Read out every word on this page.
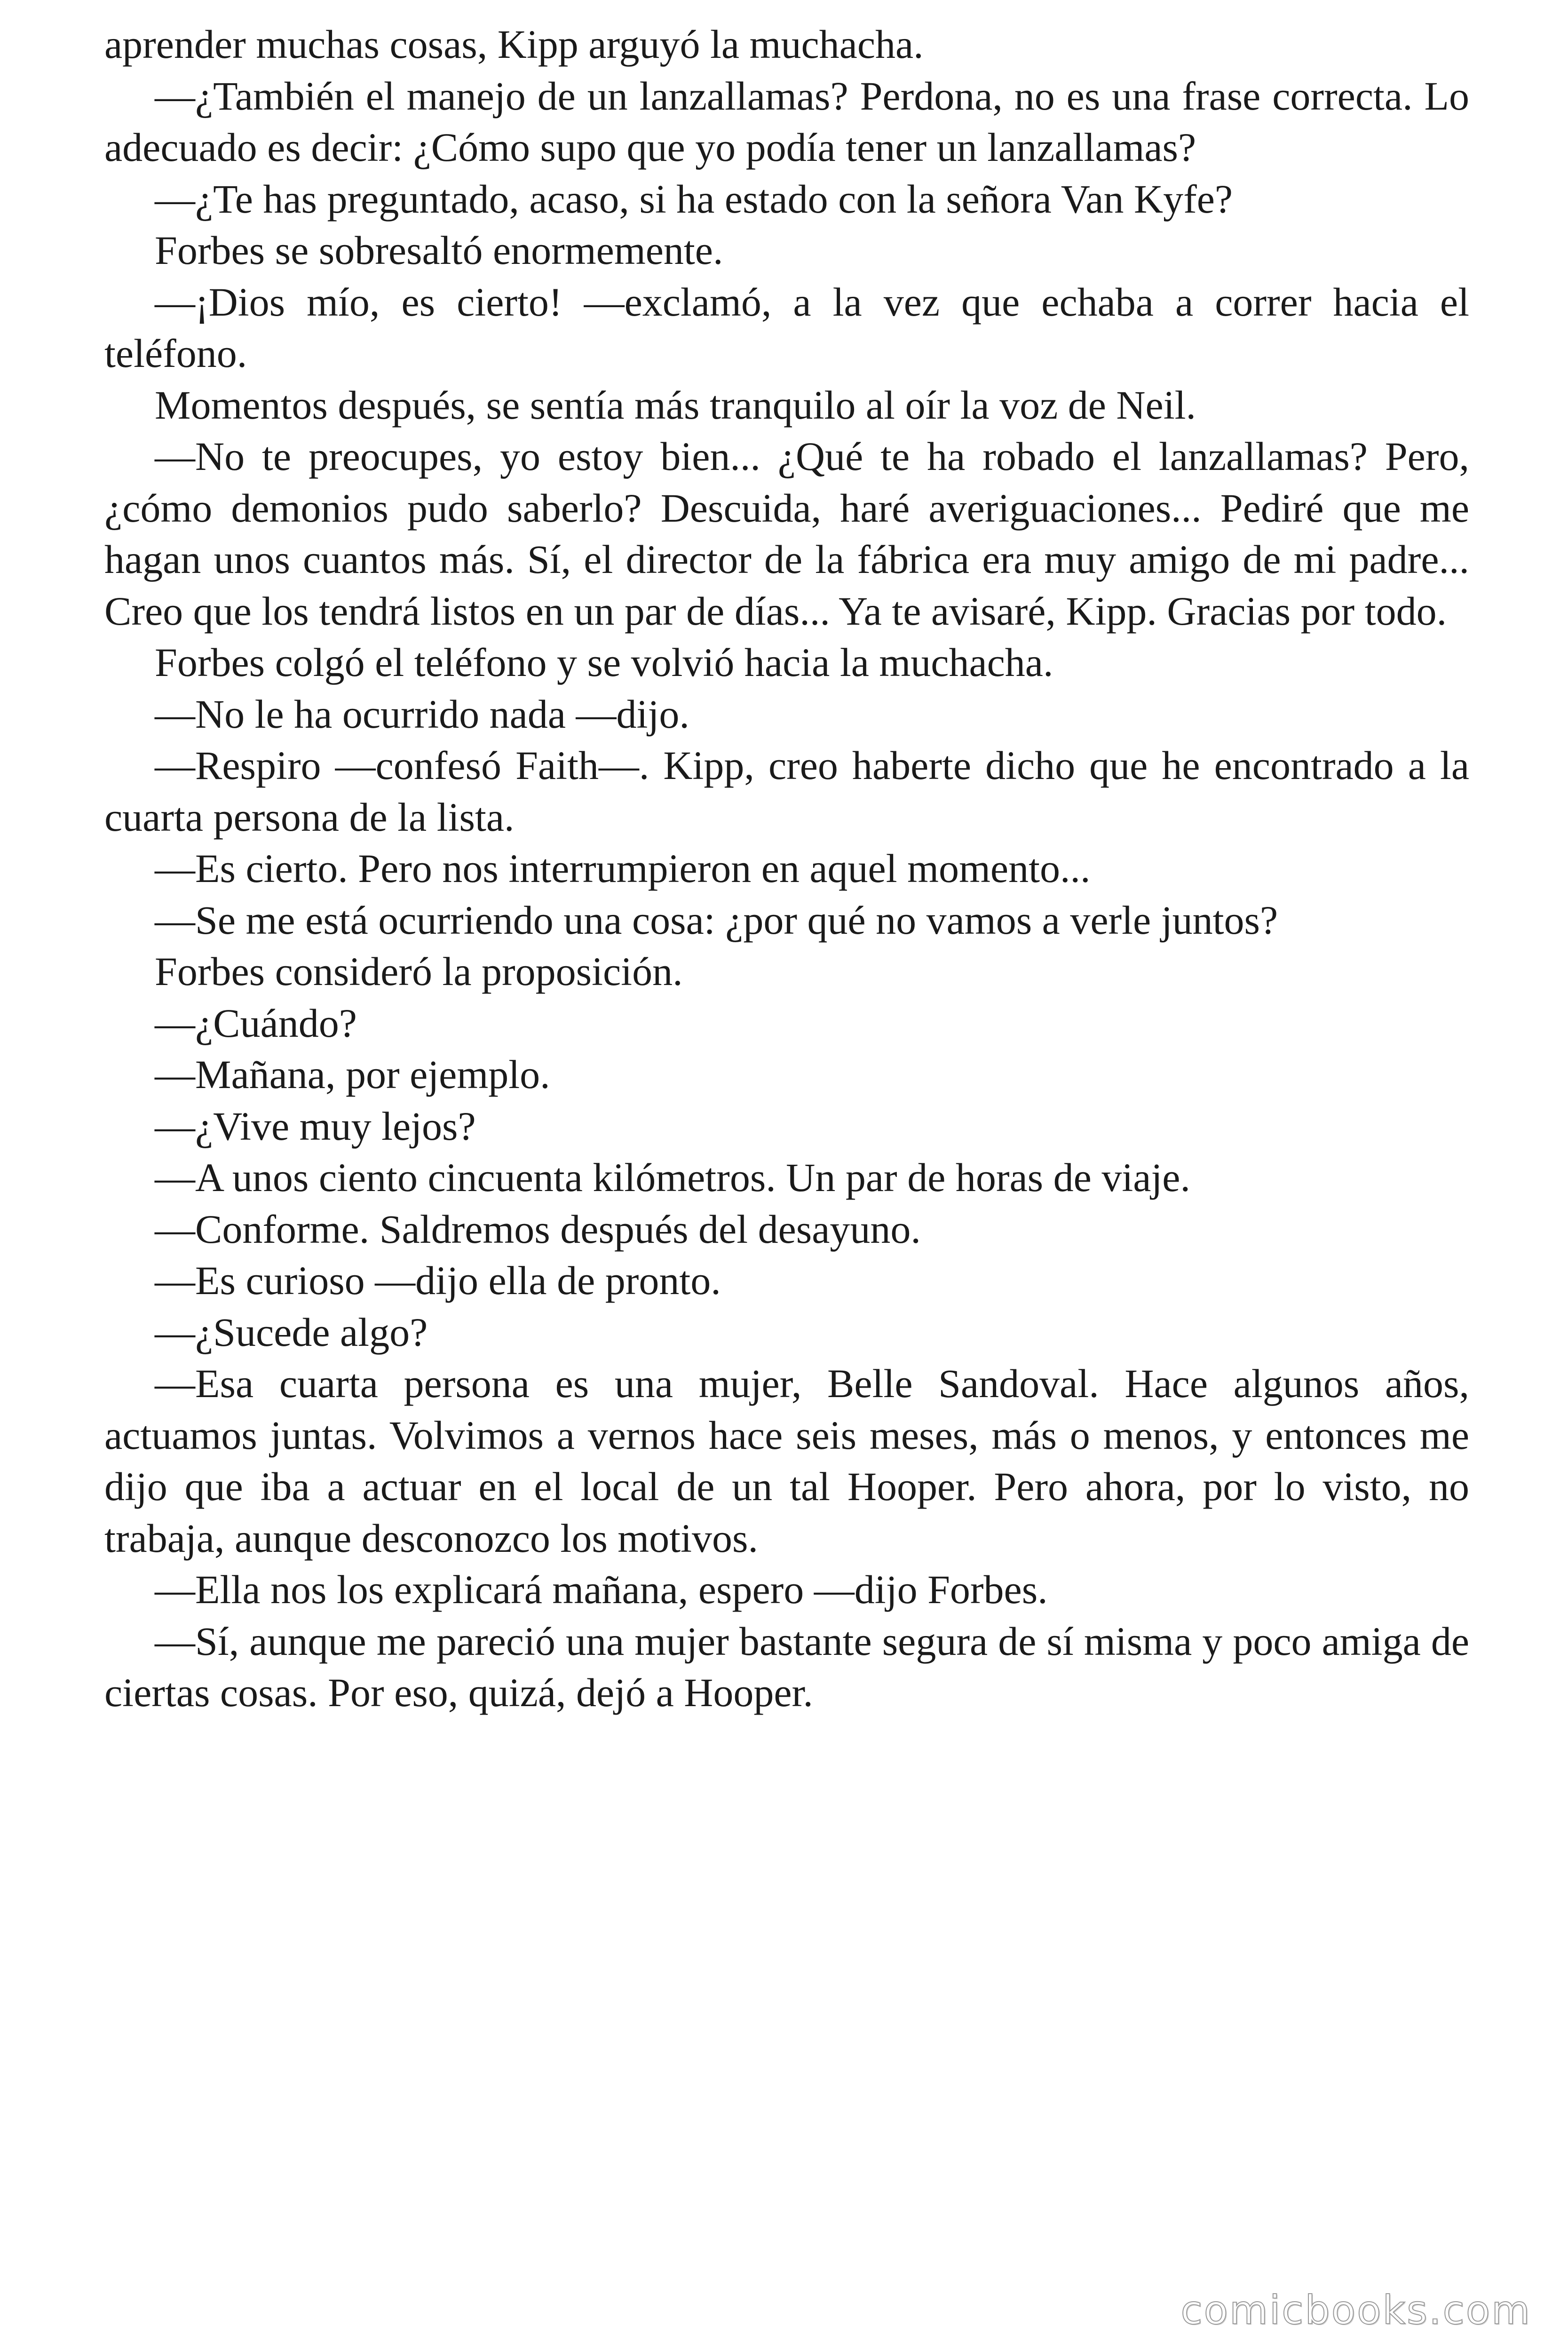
aprender muchas cosas, Kipp arguyó la muchacha.

—¿También el manejo de un lanzallamas? Perdona, no es una frase correcta. Lo adecuado es decir: ¿Cómo supo que yo podía tener un lanzallamas?

—¿Te has preguntado, acaso, si ha estado con la señora Van Kyfe?

Forbes se sobresaltó enormemente.

—¡Dios mío, es cierto! —exclamó, a la vez que echaba a correr hacia el teléfono.

Momentos después, se sentía más tranquilo al oír la voz de Neil.

—No te preocupes, yo estoy bien... ¿Qué te ha robado el lanzallamas? Pero, ¿cómo demonios pudo saberlo? Descuida, haré averiguaciones... Pediré que me hagan unos cuantos más. Sí, el director de la fábrica era muy amigo de mi padre... Creo que los tendrá listos en un par de días... Ya te avisaré, Kipp. Gracias por todo.

Forbes colgó el teléfono y se volvió hacia la muchacha.

—No le ha ocurrido nada —dijo.

—Respiro —confesó Faith—. Kipp, creo haberte dicho que he encontrado a la cuarta persona de la lista.

—Es cierto. Pero nos interrumpieron en aquel momento...

—Se me está ocurriendo una cosa: ¿por qué no vamos a verle juntos?

Forbes consideró la proposición.

—¿Cuándo?

—Mañana, por ejemplo.

—¿Vive muy lejos?

—A unos ciento cincuenta kilómetros. Un par de horas de viaje.

—Conforme. Saldremos después del desayuno.

—Es curioso —dijo ella de pronto.

—¿Sucede algo?

—Esa cuarta persona es una mujer, Belle Sandoval. Hace algunos años, actuamos juntas. Volvimos a vernos hace seis meses, más o menos, y entonces me dijo que iba a actuar en el local de un tal Hooper. Pero ahora, por lo visto, no trabaja, aunque desconozco los motivos.

—Ella nos los explicará mañana, espero —dijo Forbes.

—Sí, aunque me pareció una mujer bastante segura de sí misma y poco amiga de ciertas cosas. Por eso, quizá, dejó a Hooper.

comicbooks.com
